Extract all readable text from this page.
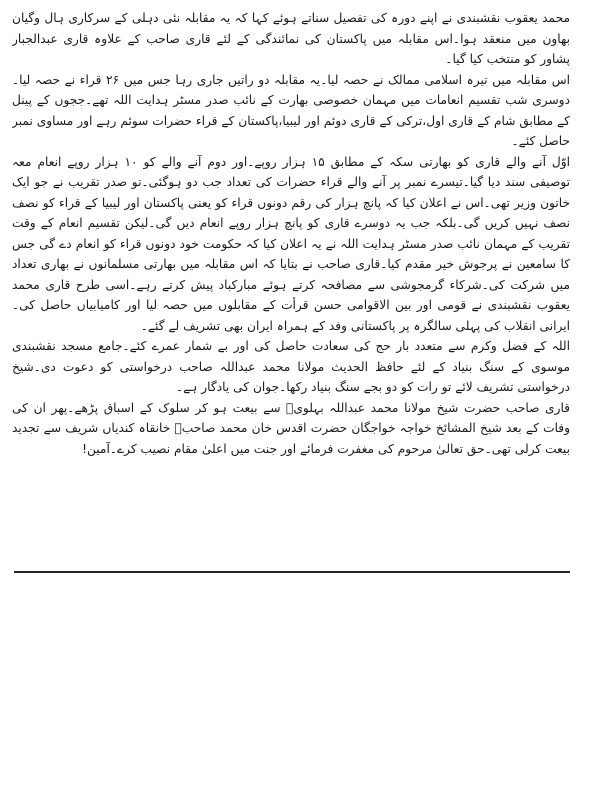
محمد یعقوب نقشبندی نے اپنے دورہ کی تفصیل سناتے ہوئے کہا کہ یہ مقابلہ نئی دہلی کے سرکاری ہال وگیان بھاون میں منعقد ہوا۔اس مقابلہ میں پاکستان کی نمائندگی کے لئے قاری صاحب کے علاوہ قاری عبدالجبار پشاور کو منتخب کیا گیا۔

اس مقابلہ میں تیرہ اسلامی ممالک نے حصہ لیا۔یہ مقابلہ دو راتیں جاری رہا جس میں ۲۶ قراء نے حصہ لیا۔دوسری شب تقسیم انعامات میں مہمان خصوصی بھارت کے نائب صدر مسٹر ہدایت اللہ تھے۔ججوں کے پینل کے مطابق شام کے قاری اول،ترکی کے قاری دوئم اور لیبیا،پاکستان کے قراء حضرات سوئم رہے اور مساوی نمبر حاصل کئے۔

اوّل آنے والے قاری کو بھارتی سکہ کے مطابق ۱۵ ہزار روپے۔اور دوم آنے والے کو ۱۰ ہزار روپے انعام معہ توصیفی سند دیا گیا۔تیسرے نمبر پر آنے والے قراء حضرات کی تعداد جب دو ہوگئی۔تو صدر تقریب نے جو ایک خاتون وزیر تھی۔اس نے اعلان کیا کہ پانچ ہزار کی رقم دونوں قراء کو یعنی پاکستان اور لیبیا کے قراء کو نصف نصف نہیں کریں گی۔بلکہ جب یہ دوسرے قاری کو پانچ ہزار روپے انعام دیں گی۔لیکن تقسیم انعام کے وقت تقریب کے مہمان نائب صدر مسٹر ہدایت اللہ نے یہ اعلان کیا کہ حکومت خود دونوں قراء کو انعام دے گی جس کا سامعین نے پرجوش خیر مقدم کیا۔قاری صاحب نے بتایا کہ اس مقابلہ میں بھارتی مسلمانوں نے بھاری تعداد میں شرکت کی۔شرکاء گرمجوشی سے مصافحہ کرتے ہوئے مبارکباد پیش کرتے رہے۔اسی طرح قاری محمد یعقوب نقشبندی نے قومی اور بین الاقوامی حسن قرأت کے مقابلوں میں حصہ لیا اور کامیابیاں حاصل کی۔ایرانی انقلاب کی پہلی سالگرہ پر پاکستانی وفد کے ہمراہ ایران بھی تشریف لے گئے۔

اللہ کے فضل وکرم سے متعدد بار حج کی سعادت حاصل کی اور بے شمار عمرے کئے۔جامع مسجد نقشبندی موسوی کے سنگ بنیاد کے لئے حافظ الحدیث مولانا محمد عبداللہ صاحب درخواستی کو دعوت دی۔شیخ درخواستی تشریف لائے تو رات کو دو بجے سنگ بنیاد رکھا۔جوان کی یادگار ہے۔

قاری صاحب حضرت شیخ مولانا محمد عبداللہ بہلویؒ سے بیعت ہو کر سلوک کے اسباق پڑھے۔پھر ان کی وفات کے بعد شیخ المشائخ خواجہ خواجگان حضرت اقدس خان محمد صاحبؒ خانقاہ کندیاں شریف سے تجدید بیعت کرلی تھی۔حق تعالیٰ مرحوم کی مغفرت فرمائے اور جنت میں اعلیٰ مقام نصیب کرے۔آمین!
